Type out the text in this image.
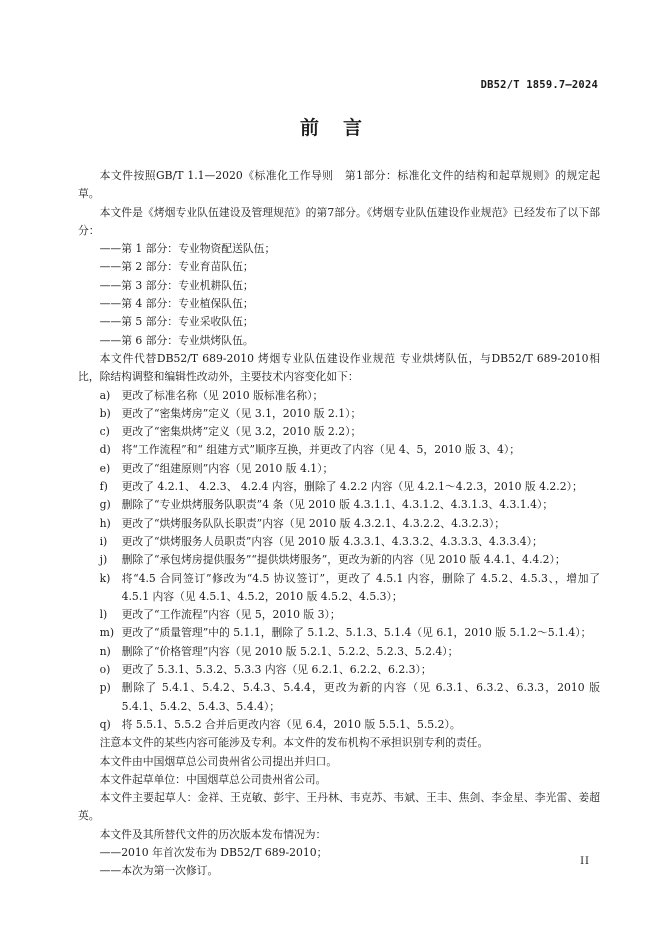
DB52/T 1859.7—2024
前言

本文件按照GB/T 1.1—2020《标准化工作导则　第1部分：标准化文件的结构和起草规则》的规定起草。

本文件是《烤烟专业队伍建设及管理规范》的第7部分。《烤烟专业队伍建设作业规范》已经发布了以下部分：

——第 1 部分：专业物资配送队伍；

——第 2 部分：专业育苗队伍；

——第 3 部分：专业机耕队伍；

——第 4 部分：专业植保队伍；

——第 5 部分：专业采收队伍；

——第 6 部分：专业烘烤队伍。

本文件代替DB52/T 689-2010 烤烟专业队伍建设作业规范 专业烘烤队伍，与DB52/T 689-2010相比，除结构调整和编辑性改动外，主要技术内容变化如下：

a)	更改了标准名称（见 2010 版标准名称）；
b)	更改了“密集烤房”定义（见 3.1，2010 版 2.1）；
c)	更改了“密集烘烤”定义（见 3.2，2010 版 2.2）；
d)	将“工作流程”和“ 组建方式”顺序互换，并更改了内容（见 4、5，2010 版 3、4）；
e)	更改了“组建原则”内容（见 2010 版 4.1）；
f)	更改了 4.2.1、 4.2.3、 4.2.4 内容，删除了 4.2.2 内容（见 4.2.1～4.2.3，2010 版 4.2.2）；
g)	删除了“专业烘烤服务队职责”4 条（见 2010 版 4.3.1.1、4.3.1.2、4.3.1.3、4.3.1.4）；
h)	更改了“烘烤服务队队长职责”内容（见 2010 版 4.3.2.1、4.3.2.2、4.3.2.3）；
i)	更改了“烘烤服务人员职责”内容（见 2010 版 4.3.3.1、4.3.3.2、4.3.3.3、4.3.3.4）；
j)	删除了“承包烤房提供服务”“提供烘烤服务”，更改为新的内容（见 2010 版 4.4.1、4.4.2）；
k)	将“4.5 合同签订”修改为“4.5 协议签订”，更改了 4.5.1 内容，删除了 4.5.2、4.5.3、，增加了 4.5.1 内容（见 4.5.1、4.5.2，2010 版 4.5.2、4.5.3）；
l)	更改了“工作流程”内容（见 5，2010 版 3）；
m) 更改了“质量管理”中的 5.1.1，删除了 5.1.2、5.1.3、5.1.4（见 6.1，2010 版 5.1.2～5.1.4）；
n)	删除了“价格管理”内容（见 2010 版 5.2.1、5.2.2、5.2.3、5.2.4）；
o)	更改了 5.3.1、5.3.2、5.3.3 内容（见 6.2.1、6.2.2、6.2.3）；
p)	删除了 5.4.1、5.4.2、5.4.3、5.4.4，更改为新的内容（见 6.3.1、6.3.2、6.3.3，2010 版 5.4.1、5.4.2、5.4.3、5.4.4）；
q)	将 5.5.1、5.5.2 合并后更改内容（见 6.4，2010 版 5.5.1、5.5.2）。

注意本文件的某些内容可能涉及专利。本文件的发布机构不承担识别专利的责任。

本文件由中国烟草总公司贵州省公司提出并归口。

本文件起草单位：中国烟草总公司贵州省公司。

本文件主要起草人：金祥、王克敏、彭宇、王丹林、韦克苏、韦斌、王丰、焦剑、李金星、李光雷、姜超英。

本文件及其所替代文件的历次版本发布情况为：

——2010 年首次发布为 DB52/T 689-2010；

——本次为第一次修订。

II
